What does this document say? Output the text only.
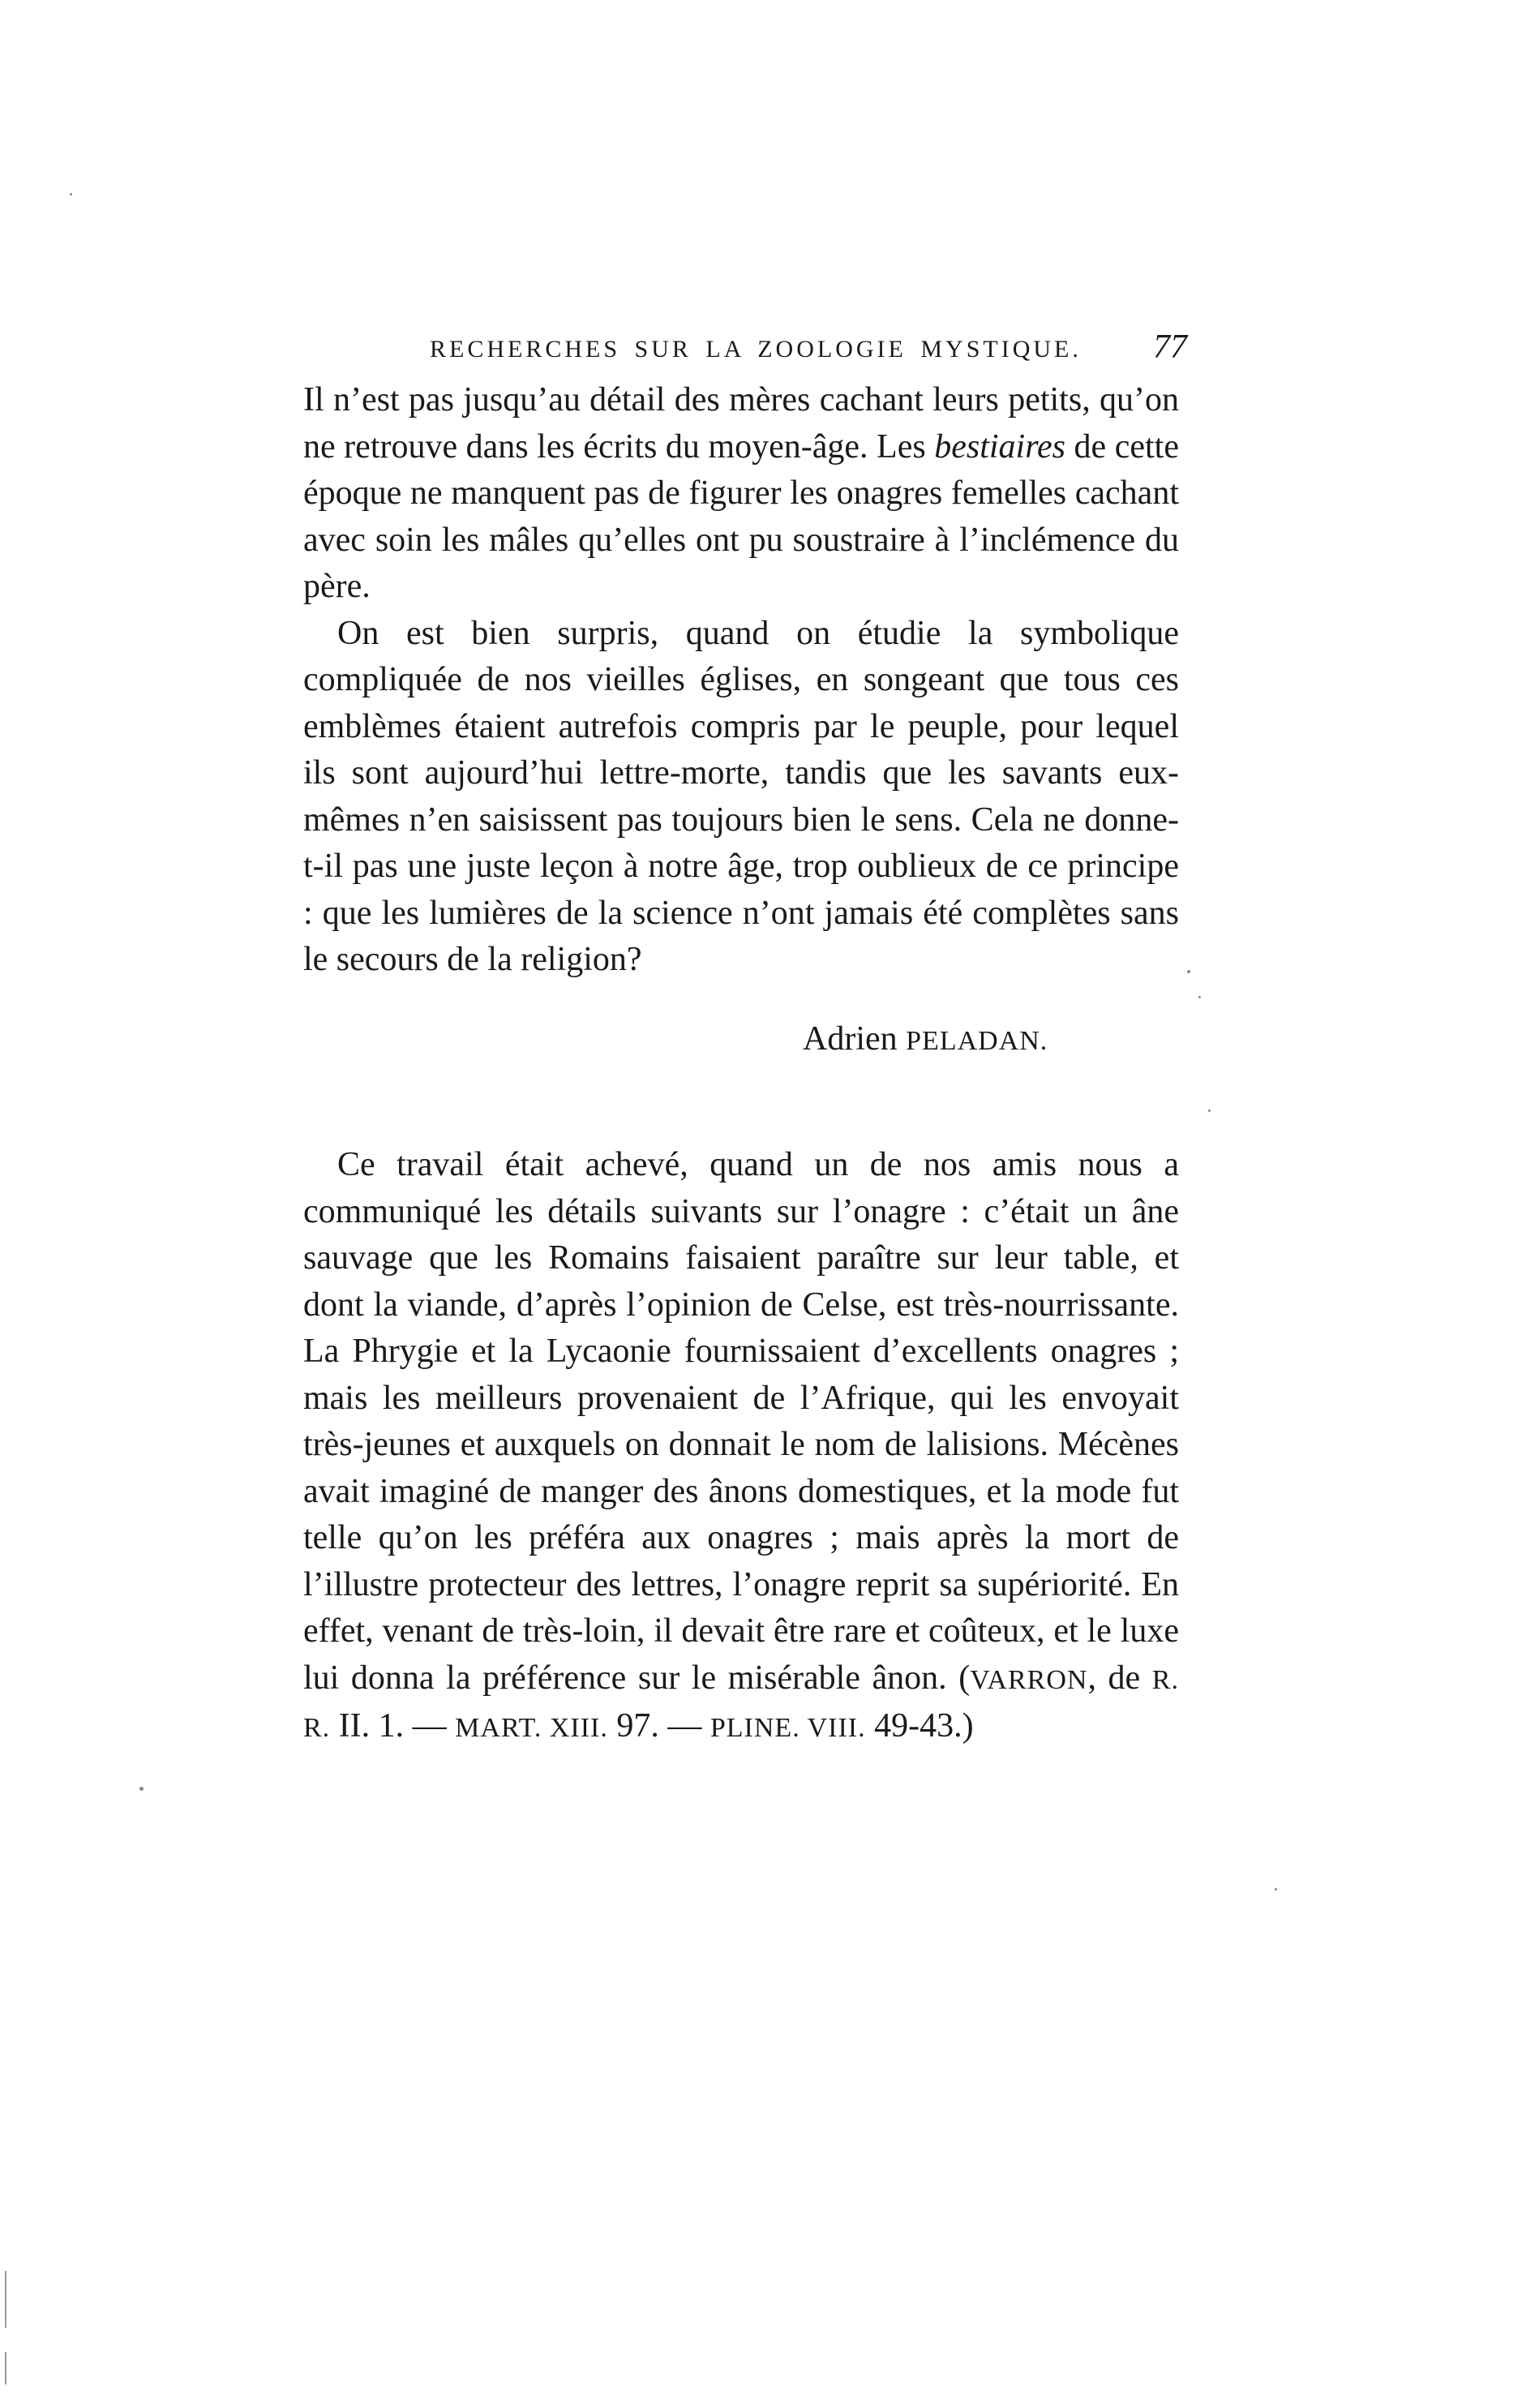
RECHERCHES SUR LA ZOOLOGIE MYSTIQUE. 77

Il n’est pas jusqu’au détail des mères cachant leurs petits, qu’on ne retrouve dans les écrits du moyen-âge. Les bestiaires de cette époque ne manquent pas de figurer les onagres femelles cachant avec soin les mâles qu’elles ont pu soustraire à l’inclémence du père.

On est bien surpris, quand on étudie la symbolique compliquée de nos vieilles églises, en songeant que tous ces emblèmes étaient autrefois compris par le peuple, pour lequel ils sont aujourd’hui lettre-morte, tandis que les savants eux-mêmes n’en saisissent pas toujours bien le sens. Cela ne donne-t-il pas une juste leçon à notre âge, trop oublieux de ce principe : que les lumières de la science n’ont jamais été complètes sans le secours de la religion?

Adrien PELADAN.

Ce travail était achevé, quand un de nos amis nous a communiqué les détails suivants sur l’onagre : c’était un âne sauvage que les Romains faisaient paraître sur leur table, et dont la viande, d’après l’opinion de Celse, est très-nourrissante. La Phrygie et la Lycaonie fournissaient d’excellents onagres ; mais les meilleurs provenaient de l’Afrique, qui les envoyait très-jeunes et auxquels on donnait le nom de lalisions. Mécènes avait imaginé de manger des ânons domestiques, et la mode fut telle qu’on les préféra aux onagres ; mais après la mort de l’illustre protecteur des lettres, l’onagre reprit sa supériorité. En effet, venant de très-loin, il devait être rare et coûteux, et le luxe lui donna la préférence sur le misérable ânon. (VARRON, de R. R. II. 1. — MART. XIII. 97. — PLINE. VIII. 49-43.)
